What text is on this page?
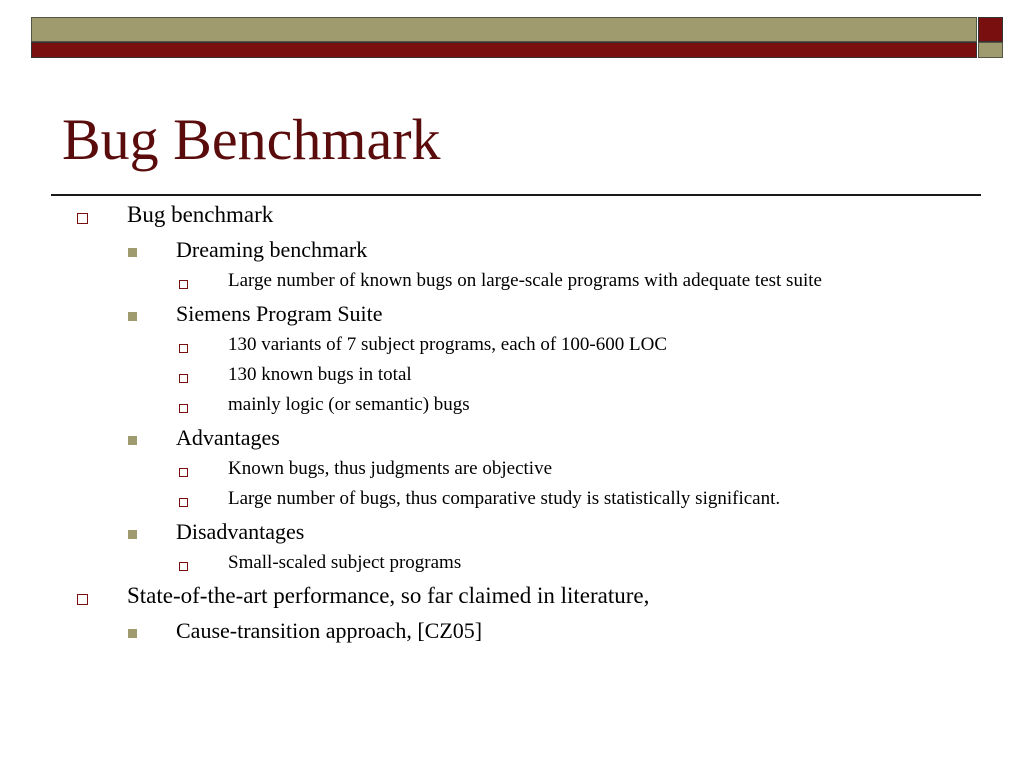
Bug Benchmark
Bug benchmark
Dreaming benchmark
Large number of known bugs on large-scale programs with adequate test suite
Siemens Program Suite
130 variants of 7 subject programs, each of 100-600 LOC
130 known bugs in total
mainly logic (or semantic) bugs
Advantages
Known bugs, thus judgments are objective
Large number of bugs, thus comparative study is statistically significant.
Disadvantages
Small-scaled subject programs
State-of-the-art performance, so far claimed in literature,
Cause-transition approach, [CZ05]
